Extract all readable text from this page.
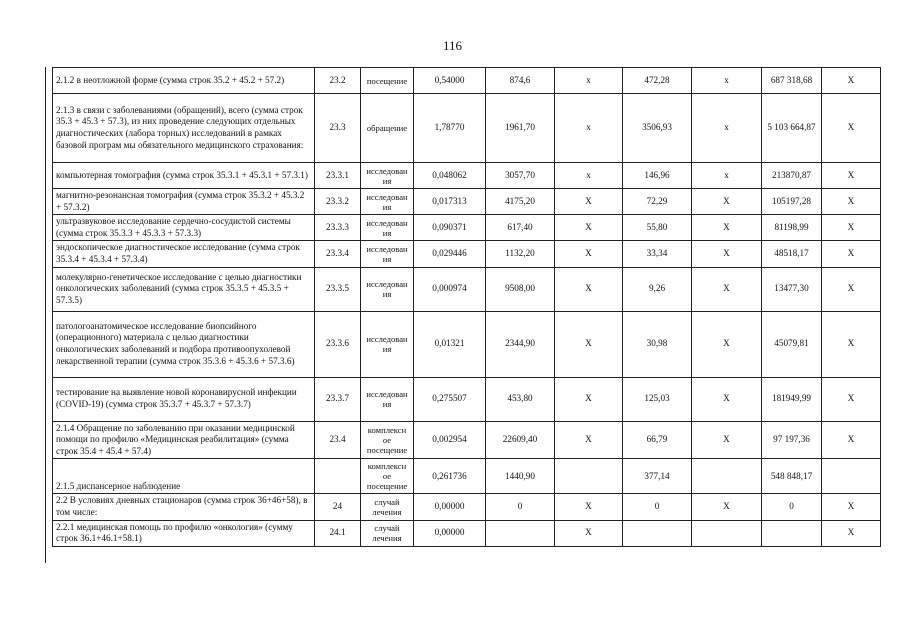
116
2.1.2 в неотложной форме (сумма строк 35.2 + 45.2 + 57.2)	23.2	посещение	0,54000	874,6	x	472,28	x	687 318,68	X
2.1.3 в связи с заболеваниями (обращений), всего (сумма строк 35.3 + 45.3 + 57.3), из них проведение следующих отдельных диагностических (лабора торных) исследований в рамках базовой програм мы обязательного медицинского страхования:	23.3	обращение	1,78770	1961,70	x	3506,93	x	5 103 664,87	X
компьютерная томография (сумма строк 35.3.1 + 45.3.1 + 57.3.1)	23.3.1	исследован ия	0,048062	3057,70	x	146,96	x	213870,87	X
магнитно-резонансная томография (сумма строк 35.3.2 + 45.3.2 + 57.3.2)	23.3.2	исследован ия	0,017313	4175,20	X	72,29	X	105197,28	X
ультразвуковое исследование сердечно-сосудистой системы (сумма строк 35.3.3 + 45.3.3 + 57.3.3)	23.3.3	исследован ия	0,090371	617,40	X	55,80	X	81198,99	X
эндоскопическое диагностическое исследование (сумма строк 35.3.4 + 45.3.4 + 57.3.4)	23.3.4	исследован ия	0,029446	1132,20	X	33,34	X	48518,17	X
молекулярно-генетическое исследование с целью диагностики онкологических заболеваний (сумма строк 35.3.5 + 45.3.5 + 57.3.5)	23.3.5	исследован ия	0,000974	9508,00	X	9,26	X	13477,30	X
патологоанатомическое исследование биопсийного (операционного) материала с целью диагностики онкологических заболеваний и подбора противоопухолевой лекарственной терапии (сумма строк 35.3.6 + 45.3.6 + 57.3.6)	23.3.6	исследован ия	0,01321	2344,90	X	30,98	X	45079,81	X
тестирование на выявление новой коронавирусной инфекции (COVID-19) (сумма строк 35.3.7 + 45.3.7 + 57.3.7)	23.3.7	исследован ия	0,275507	453,80	X	125,03	X	181949,99	X
2.1.4 Обращение по заболеванию при оказании медицинской помощи по профилю «Медицинская реабилитация» (сумма строк 35.4 + 45.4 + 57.4)	23.4	комплексн ое посещение	0,002954	22609,40	X	66,79	X	97 197,36	X
2.1.5 диспансерное наблюдение		комплексн ое посещение	0,261736	1440,90		377,14		548 848,17	
2.2 В условиях дневных стационаров (сумма строк 36+46+58), в том числе:	24	случай лечения	0,00000	0	X	0	X	0	X
2.2.1 медицинская помощь по профилю «онкология» (сумму строк 36.1+46.1+58.1)	24.1	случай лечения	0,00000		X				X
